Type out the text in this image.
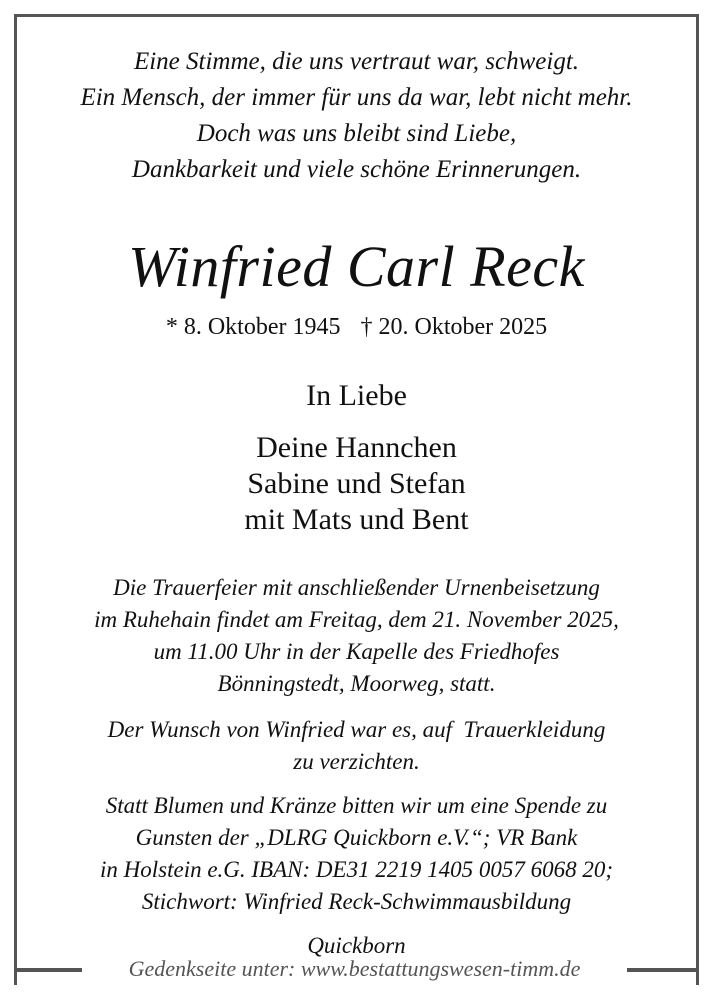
Eine Stimme, die uns vertraut war, schweigt.
Ein Mensch, der immer für uns da war, lebt nicht mehr.
Doch was uns bleibt sind Liebe,
Dankbarkeit und viele schöne Erinnerungen.
Winfried Carl Reck
* 8. Oktober 1945 † 20. Oktober 2025
In Liebe
Deine Hannchen
Sabine und Stefan
mit Mats und Bent
Die Trauerfeier mit anschließender Urnenbeisetzung
im Ruhehain findet am Freitag, dem 21. November 2025,
um 11.00 Uhr in der Kapelle des Friedhofes
Bönningstedt, Moorweg, statt.
Der Wunsch von Winfried war es, auf  Trauerkleidung
zu verzichten.
Statt Blumen und Kränze bitten wir um eine Spende zu
Gunsten der „DLRG Quickborn e.V.“; VR Bank
in Holstein e.G. IBAN: DE31 2219 1405 0057 6068 20;
Stichwort: Winfried Reck-Schwimmausbildung
Quickborn
Gedenkseite unter: www.bestattungswesen-timm.de
